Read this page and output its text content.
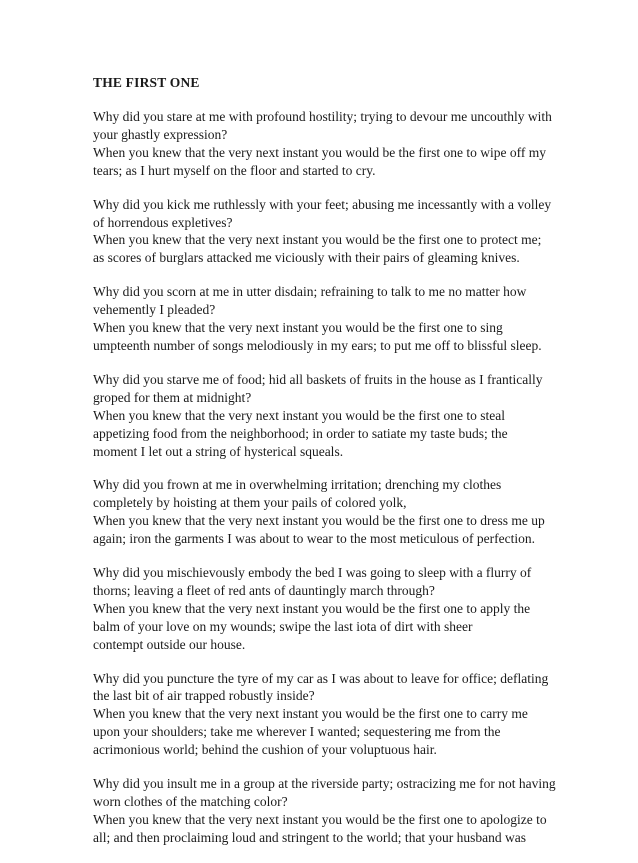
THE FIRST ONE
Why did you stare at me with profound hostility; trying to devour me uncouthly with
your ghastly expression?
When you knew that the very next instant you would be the first one to wipe off my
tears; as I hurt myself on the floor and started to cry.
Why did you kick me ruthlessly with your feet; abusing me incessantly with a volley
of horrendous expletives?
When you knew that the very next instant you would be the first one to protect me;
as scores of burglars attacked me viciously with their pairs of gleaming knives.
Why did you scorn at me in utter disdain; refraining to talk to me no matter how
vehemently I pleaded?
When you knew that the very next instant you would be the first one to sing
umpteenth number of songs melodiously in my ears; to put me off to blissful sleep.
Why did you starve me of food; hid all baskets of fruits in the house as I frantically
groped for them at midnight?
When you knew that the very next instant you would be the first one to steal
appetizing food from the neighborhood; in order to satiate my taste buds; the
moment I let out a string of hysterical squeals.
Why did you frown at me in overwhelming irritation; drenching my clothes
completely by hoisting at them your pails of colored yolk,
When you knew that the very next instant you would be the first one to dress me up
again; iron the garments I was about to wear to the most meticulous of perfection.
Why did you mischievously embody the bed I was going to sleep with a flurry of
thorns; leaving a fleet of red ants of dauntingly march through?
When you knew that the very next instant you would be the first one to apply the
balm of your love on my wounds; swipe the last iota of dirt with sheer
contempt outside our house.
Why did you puncture the tyre of my car as I was about to leave for office; deflating
the last bit of air trapped robustly inside?
When you knew that the very next instant you would be the first one to carry me
upon your shoulders; take me wherever I wanted; sequestering me from the
acrimonious world; behind the cushion of your voluptuous hair.
Why did you insult me in a group at the riverside party; ostracizing me for not having
worn clothes of the matching color?
When you knew that the very next instant you would be the first one to apologize to
all; and then proclaiming loud and stringent to the world; that your husband was
